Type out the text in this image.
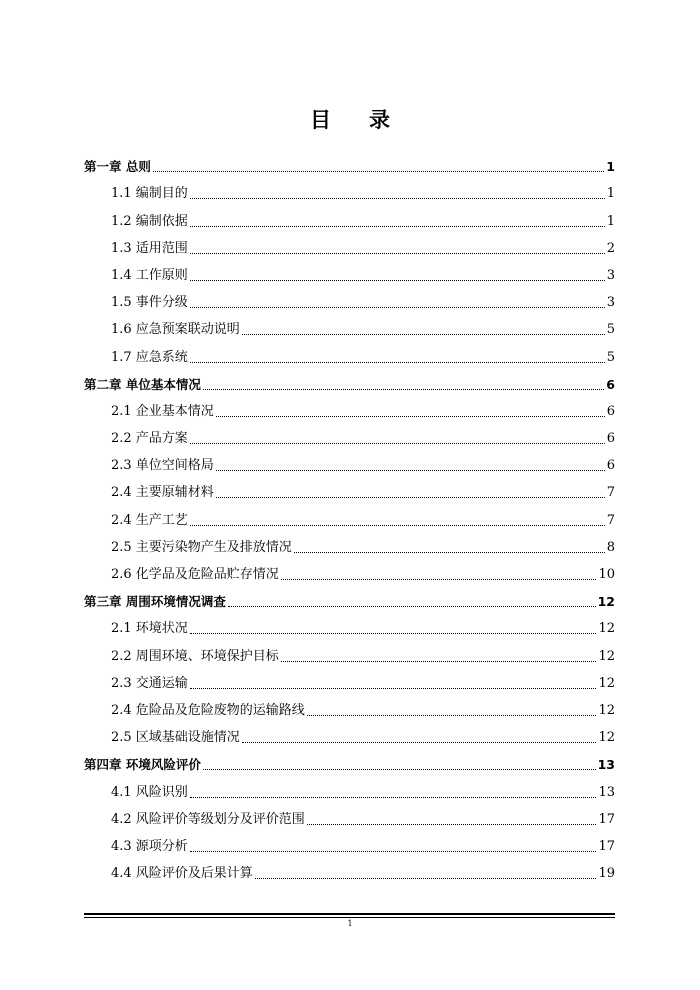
目 录
第一章 总则	1
1.1 编制目的	1
1.2 编制依据	1
1.3 适用范围	2
1.4 工作原则	3
1.5 事件分级	3
1.6 应急预案联动说明	5
1.7 应急系统	5
第二章 单位基本情况	6
2.1 企业基本情况	6
2.2 产品方案	6
2.3 单位空间格局	6
2.4 主要原辅材料	7
2.4 生产工艺	7
2.5 主要污染物产生及排放情况	8
2.6 化学品及危险品贮存情况	10
第三章 周围环境情况调查	12
2.1 环境状况	12
2.2 周围环境、环境保护目标	12
2.3 交通运输	12
2.4 危险品及危险废物的运输路线	12
2.5 区域基础设施情况	12
第四章 环境风险评价	13
4.1 风险识别	13
4.2 风险评价等级划分及评价范围	17
4.3 源项分析	17
4.4 风险评价及后果计算	19
1
